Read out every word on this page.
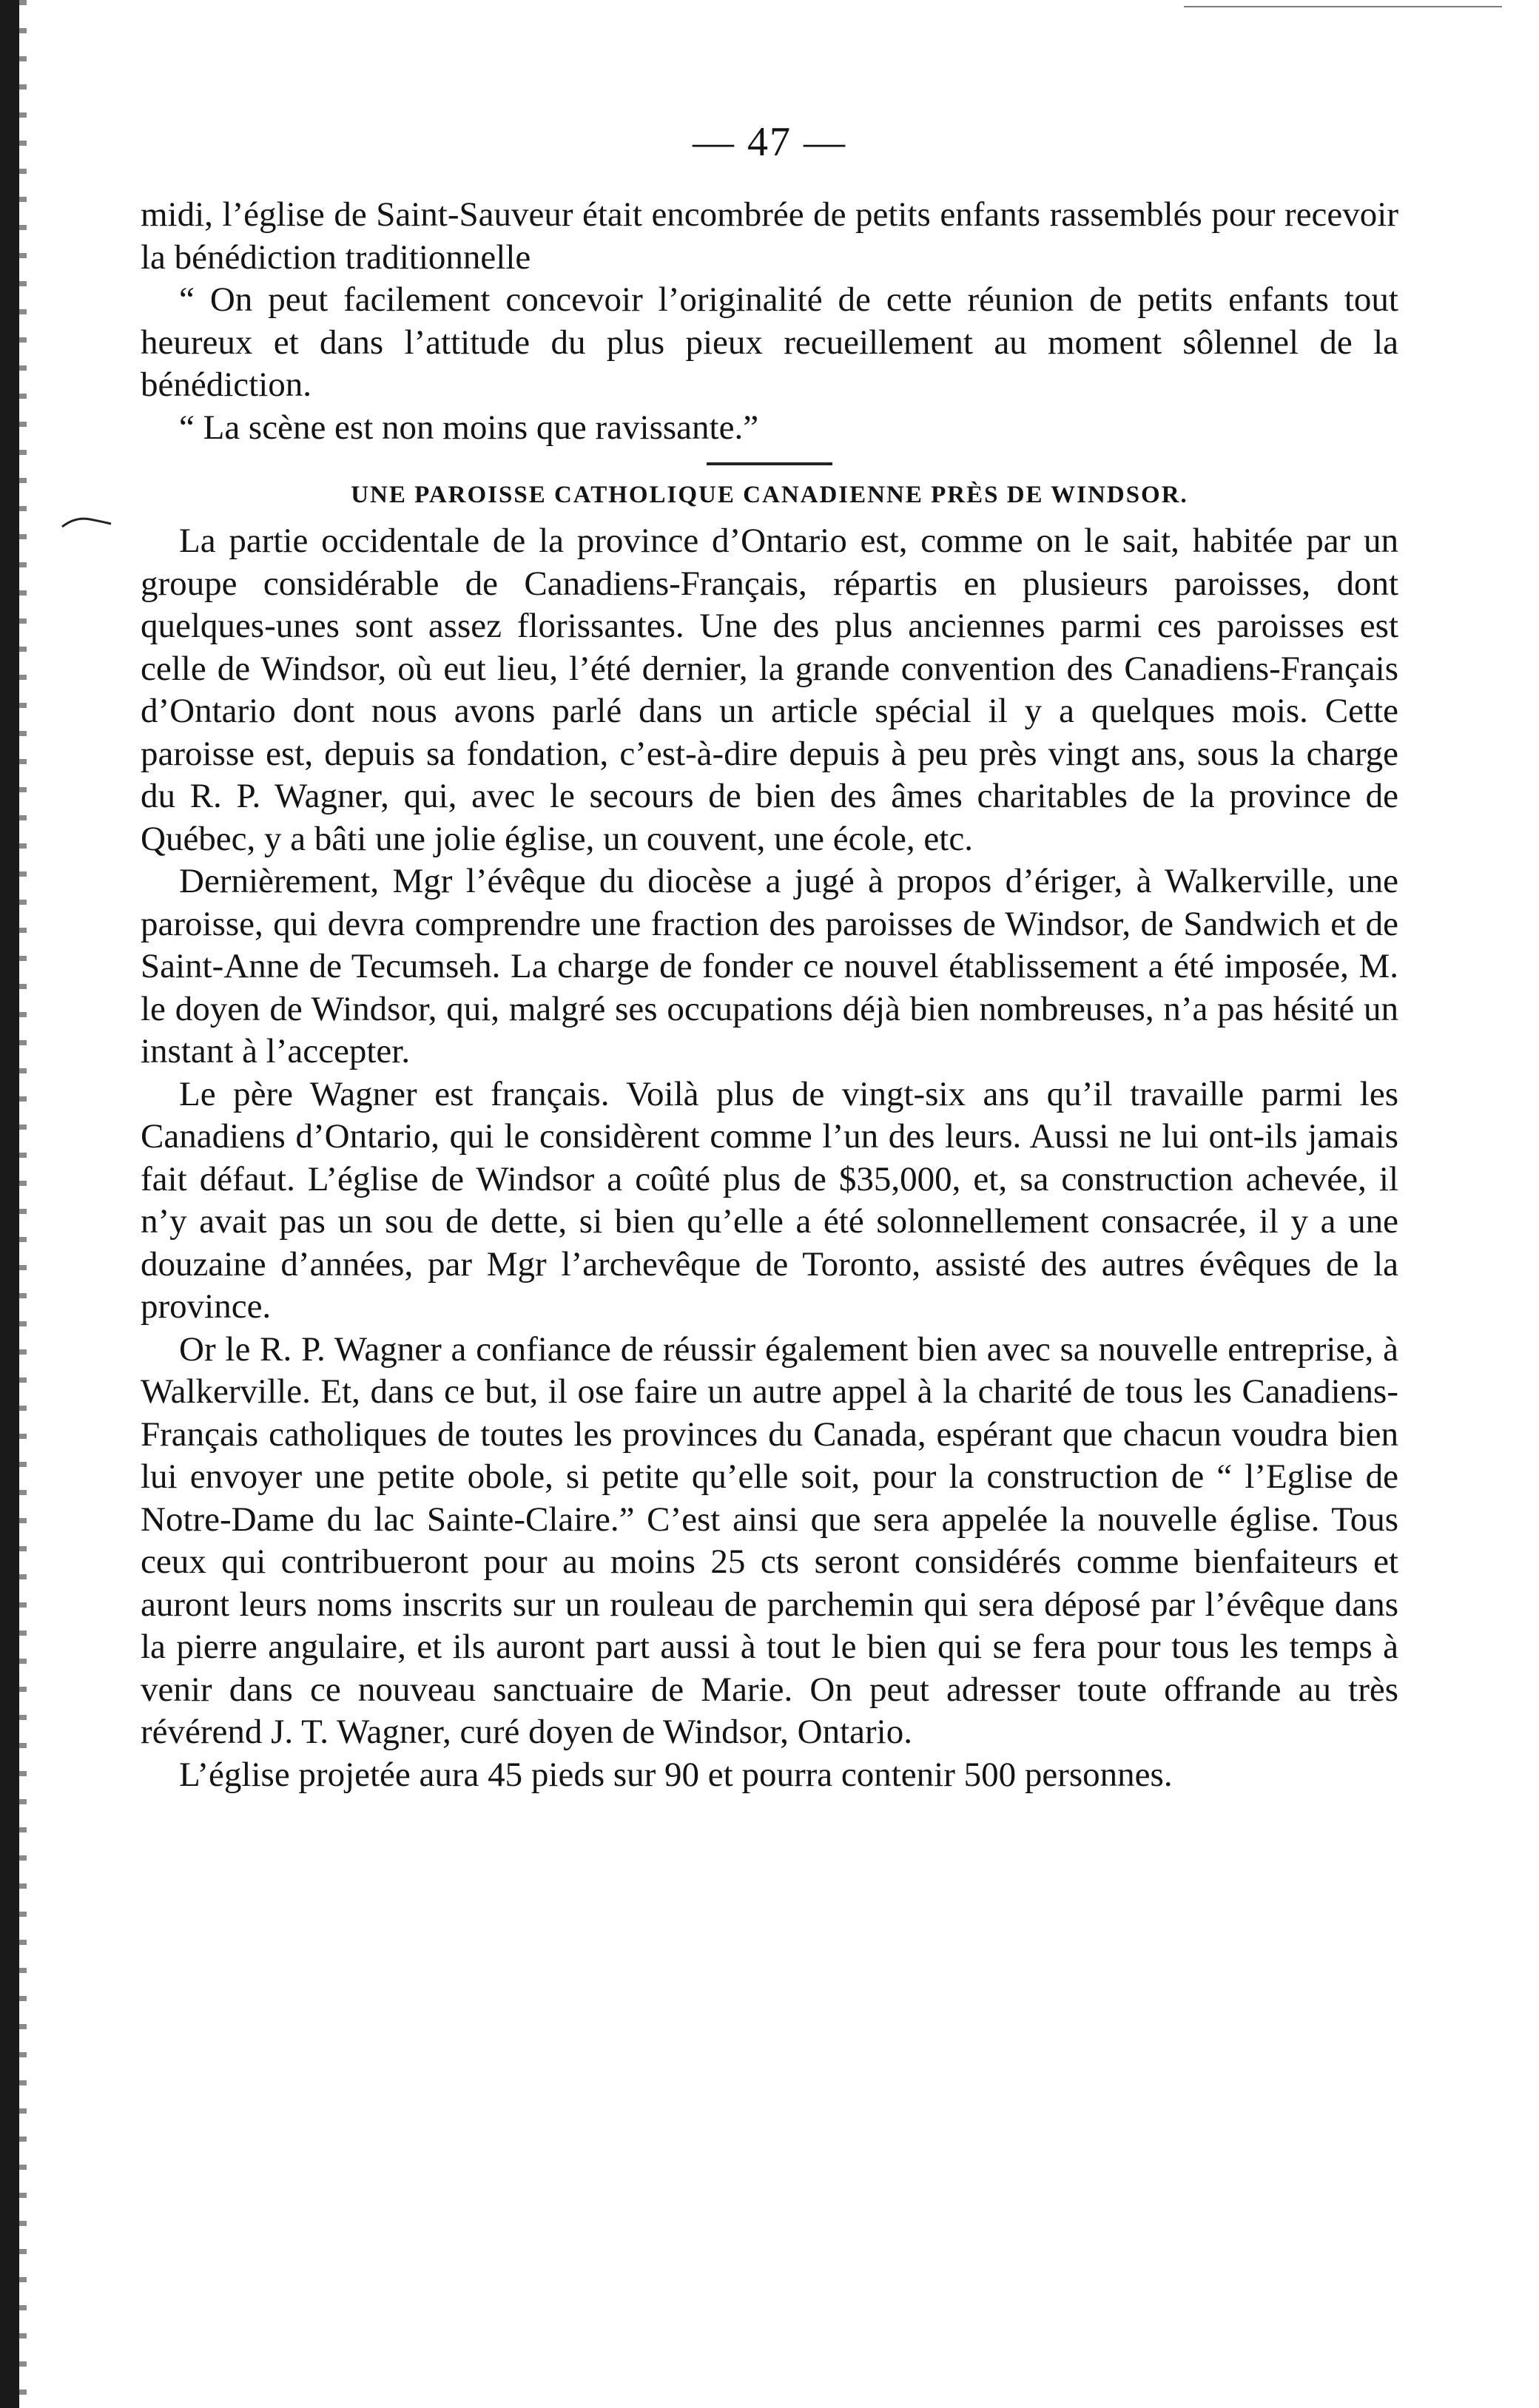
— 47 —

midi, l’église de Saint-Sauveur était encombrée de petits enfants rassemblés pour recevoir la bénédiction traditionnelle

“ On peut facilement concevoir l’originalité de cette réunion de petits enfants tout heureux et dans l’attitude du plus pieux recueillement au moment sôlennel de la bénédiction.

“ La scène est non moins que ravissante.”

UNE PAROISSE CATHOLIQUE CANADIENNE PRÈS DE WINDSOR.

La partie occidentale de la province d’Ontario est, comme on le sait, habitée par un groupe considérable de Canadiens-Français, répartis en plusieurs paroisses, dont quelques-unes sont assez florissantes. Une des plus anciennes parmi ces paroisses est celle de Windsor, où eut lieu, l’été dernier, la grande convention des Canadiens-Français d’Ontario dont nous avons parlé dans un article spécial il y a quelques mois. Cette paroisse est, depuis sa fondation, c’est-à-dire depuis à peu près vingt ans, sous la charge du R. P. Wagner, qui, avec le secours de bien des âmes charitables de la province de Québec, y a bâti une jolie église, un couvent, une école, etc.

Dernièrement, Mgr l’évêque du diocèse a jugé à propos d’ériger, à Walkerville, une paroisse, qui devra comprendre une fraction des paroisses de Windsor, de Sandwich et de Saint-Anne de Tecumseh. La charge de fonder ce nouvel établissement a été imposée, M. le doyen de Windsor, qui, malgré ses occupations déjà bien nombreuses, n’a pas hésité un instant à l’accepter.

Le père Wagner est français. Voilà plus de vingt-six ans qu’il travaille parmi les Canadiens d’Ontario, qui le considèrent comme l’un des leurs. Aussi ne lui ont-ils jamais fait défaut. L’église de Windsor a coûté plus de $35,000, et, sa construction achevée, il n’y avait pas un sou de dette, si bien qu’elle a été solonnellement consacrée, il y a une douzaine d’années, par Mgr l’archevêque de Toronto, assisté des autres évêques de la province.

Or le R. P. Wagner a confiance de réussir également bien avec sa nouvelle entreprise, à Walkerville. Et, dans ce but, il ose faire un autre appel à la charité de tous les Canadiens-Français catholiques de toutes les provinces du Canada, espérant que chacun voudra bien lui envoyer une petite obole, si petite qu’elle soit, pour la construction de “ l’Eglise de Notre-Dame du lac Sainte-Claire.” C’est ainsi que sera appelée la nouvelle église. Tous ceux qui contribueront pour au moins 25 cts seront considérés comme bienfaiteurs et auront leurs noms inscrits sur un rouleau de parchemin qui sera déposé par l’évêque dans la pierre angulaire, et ils auront part aussi à tout le bien qui se fera pour tous les temps à venir dans ce nouveau sanctuaire de Marie. On peut adresser toute offrande au très révérend J. T. Wagner, curé doyen de Windsor, Ontario.

L’église projetée aura 45 pieds sur 90 et pourra contenir 500 personnes.
